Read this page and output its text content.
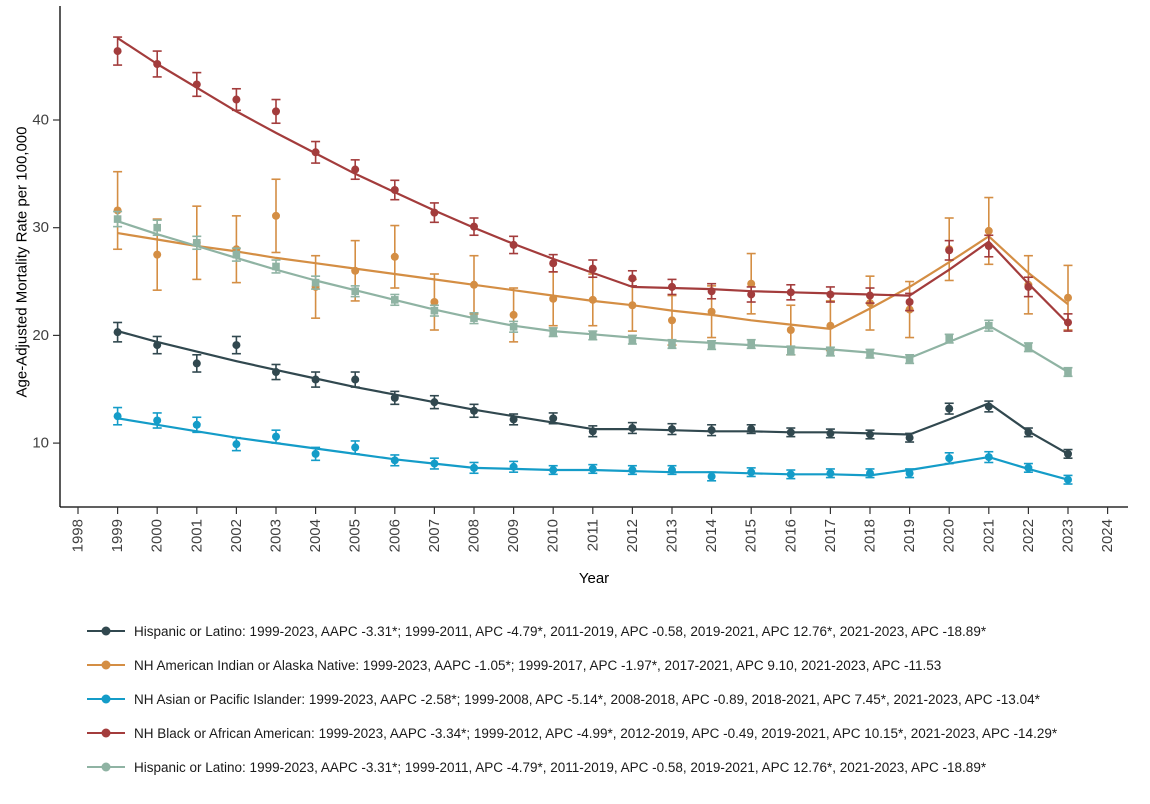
1998 1999 2000 2001 2002 2003 2004 2005 2006 2007 2008 2009 2010 2011 2012 2013 2014 2015 2016 2017 2018 2019 2020 2021 2022 2023 2024
10
20
30
40
Age-Adjusted Mortality Rate per 100,000
Year
Hispanic or Latino: 1999-2023, AAPC -3.31*; 1999-2011, APC -4.79*, 2011-2019, APC -0.58, 2019-2021, APC 12.76*, 2021-2023, APC -18.89*
NH American Indian or Alaska Native: 1999-2023, AAPC -1.05*; 1999-2017, APC -1.97*, 2017-2021, APC 9.10, 2021-2023, APC -11.53
NH Asian or Pacific Islander: 1999-2023, AAPC -2.58*; 1999-2008, APC -5.14*, 2008-2018, APC -0.89, 2018-2021, APC 7.45*, 2021-2023, APC -13.04*
NH Black or African American: 1999-2023, AAPC -3.34*; 1999-2012, APC -4.99*, 2012-2019, APC -0.49, 2019-2021, APC 10.15*, 2021-2023, APC -14.29*
Hispanic or Latino: 1999-2023, AAPC -3.31*; 1999-2011, APC -4.79*, 2011-2019, APC -0.58, 2019-2021, APC 12.76*, 2021-2023, APC -18.89*
